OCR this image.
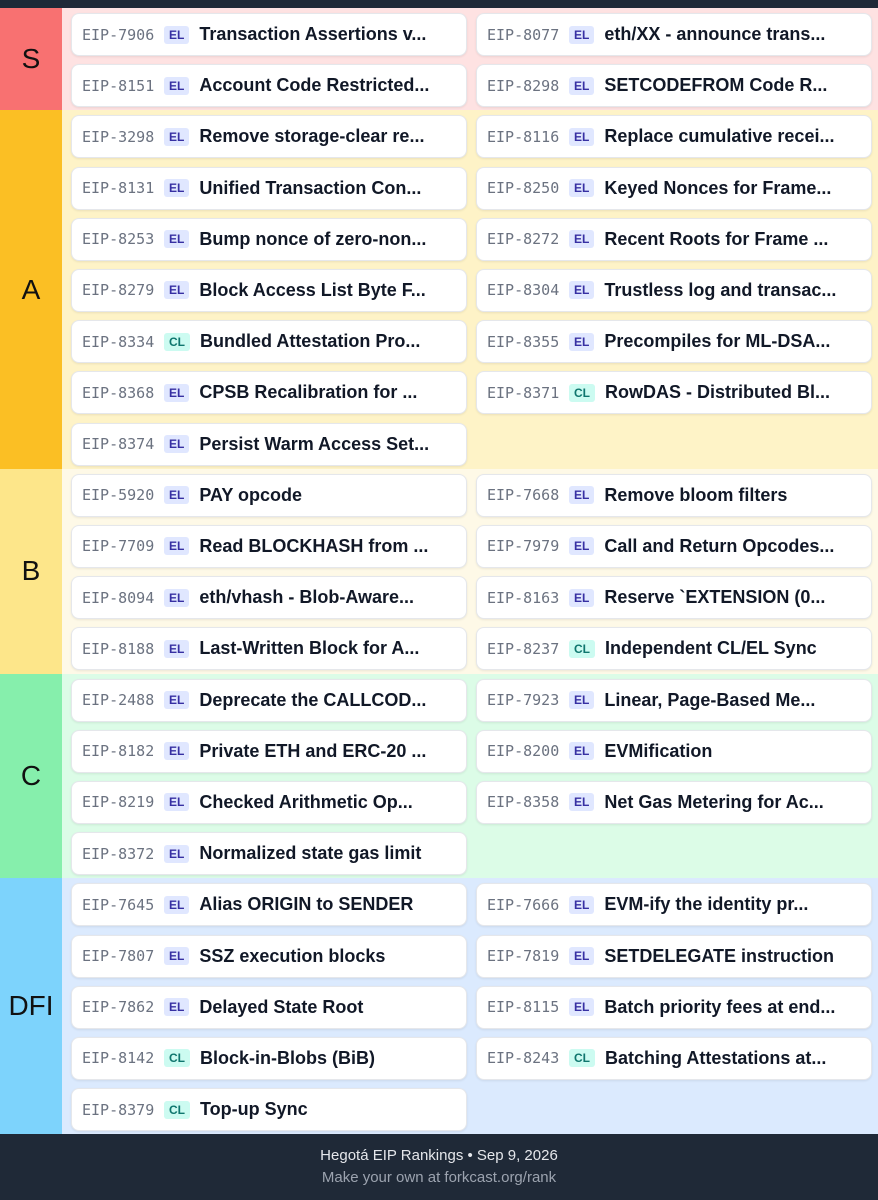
S
EIP-7906	EL Transaction Assertions v...	EIP-8077	EL eth/XX - announce trans...
EIP-8151	EL Account Code Restricted...	EIP-8298	EL SETCODEFROM Code R...
A
EIP-3298	EL Remove storage-clear re...	EIP-8116	EL Replace cumulative recei...
EIP-8131	EL Unified Transaction Con...	EIP-8250	EL Keyed Nonces for Frame...
EIP-8253	EL Bump nonce of zero-non...	EIP-8272	EL Recent Roots for Frame ...
EIP-8279	EL Block Access List Byte F...	EIP-8304	EL Trustless log and transac...
EIP-8334	CL Bundled Attestation Pro...	EIP-8355	EL Precompiles for ML-DSA...
EIP-8368	EL CPSB Recalibration for ...	EIP-8371	CL RowDAS - Distributed Bl...
EIP-8374	EL Persist Warm Access Set...
B
EIP-5920	EL PAY opcode	EIP-7668	EL Remove bloom filters
EIP-7709	EL Read BLOCKHASH from ...	EIP-7979	EL Call and Return Opcodes...
EIP-8094	EL eth/vhash - Blob-Aware...	EIP-8163	EL Reserve `EXTENSION (0...
EIP-8188	EL Last-Written Block for A...	EIP-8237	CL Independent CL/EL Sync
C
EIP-2488	EL Deprecate the CALLCOD...	EIP-7923	EL Linear, Page-Based Me...
EIP-8182	EL Private ETH and ERC-20 ...	EIP-8200	EL EVMification
EIP-8219	EL Checked Arithmetic Op...	EIP-8358	EL Net Gas Metering for Ac...
EIP-8372	EL Normalized state gas limit
DFI
EIP-7645	EL Alias ORIGIN to SENDER	EIP-7666	EL EVM-ify the identity pr...
EIP-7807	EL SSZ execution blocks	EIP-7819	EL SETDELEGATE instruction
EIP-7862	EL Delayed State Root	EIP-8115	EL Batch priority fees at end...
EIP-8142	CL Block-in-Blobs (BiB)	EIP-8243	CL Batching Attestations at...
EIP-8379	CL Top-up Sync
Hegotá EIP Rankings • Sep 9, 2026
Make your own at forkcast.org/rank
